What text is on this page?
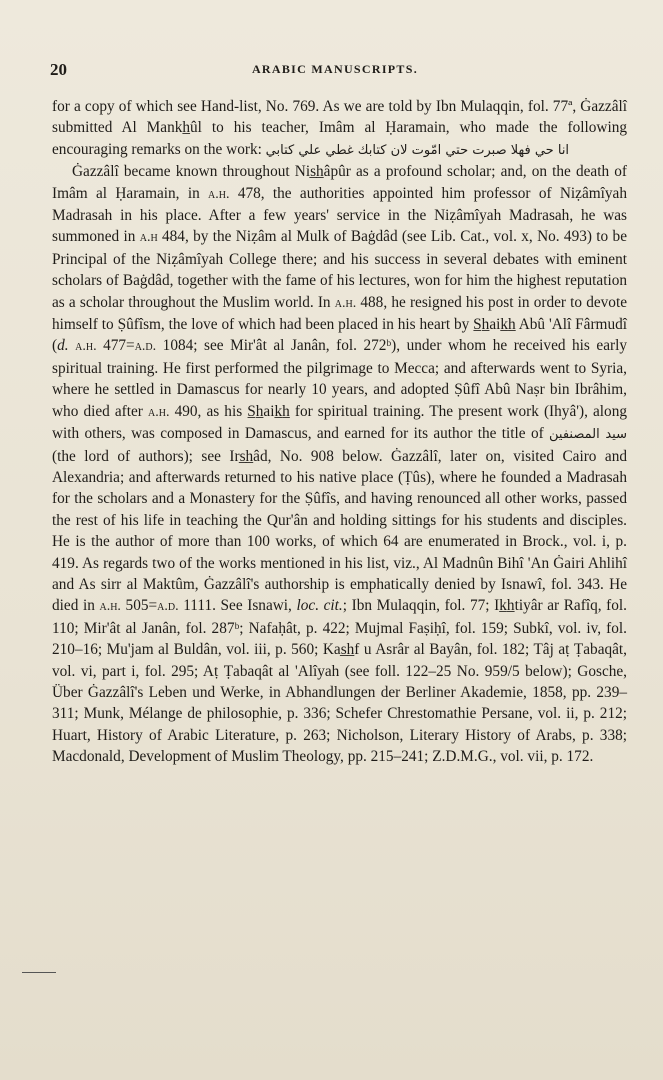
20	ARABIC MANUSCRIPTS.

for a copy of which see Hand-list, No. 769. As we are told by Ibn Mulaqqin, fol. 77ª, Ġazzâlî submitted Al Mankh̲ûl to his teacher, Imâm al Ḥaramain, who made the following encouraging remarks on the work: انا حي فهلا صبرت حتي امّوت لان كتابك غطي علي كتابي

Ġazzâlî became known throughout Nis̲h̲âpûr as a profound scholar; and, on the death of Imâm al Ḥaramain, in a.h. 478, the authorities appointed him professor of Niẓâmîyah Madrasah in his place. After a few years' service in the Niẓâmîyah Madrasah, he was summoned in a.h 484, by the Niẓâm al Mulk of Baġdâd (see Lib. Cat., vol. x, No. 493) to be Principal of the Niẓâmîyah College there; and his success in several debates with eminent scholars of Baġdâd, together with the fame of his lectures, won for him the highest reputation as a scholar throughout the Muslim world. In a.h. 488, he resigned his post in order to devote himself to Ṣûfîsm, the love of which had been placed in his heart by S̲h̲aik̲h̲ Abû 'Alî Fârmudî (d. a.h. 477=a.d. 1084; see Mir'ât al Janân, fol. 272ᵇ), under whom he received his early spiritual training. He first performed the pilgrimage to Mecca; and afterwards went to Syria, where he settled in Damascus for nearly 10 years, and adopted Ṣûfî Abû Naṣr bin Ibrâhim, who died after a.h. 490, as his S̲h̲aik̲h̲ for spiritual training. The present work (Ihyâ'), along with others, was composed in Damascus, and earned for its author the title of سيد المصنفين (the lord of authors); see Irs̲h̲âd, No. 908 below. Ġazzâlî, later on, visited Cairo and Alexandria; and afterwards returned to his native place (Ṭûs), where he founded a Madrasah for the scholars and a Monastery for the Ṣûfîs, and having renounced all other works, passed the rest of his life in teaching the Qur'ân and holding sittings for his students and disciples. He is the author of more than 100 works, of which 64 are enumerated in Brock., vol. i, p. 419. As regards two of the works mentioned in his list, viz., Al Madnûn Bihî 'An Ġairi Ahlihî and As sirr al Maktûm, Ġazzâlî's authorship is emphatically denied by Isnawî, fol. 343. He died in a.h. 505=a.d. 1111. See Isnawi, loc. cit.; Ibn Mulaqqin, fol. 77; Ik̲h̲tiyâr ar Rafîq, fol. 110; Mir'ât al Janân, fol. 287ᵇ; Nafaḥât, p. 422; Mujmal Faṣiḥî, fol. 159; Subkî, vol. iv, fol. 210–16; Mu'jam al Buldân, vol. iii, p. 560; Kas̲h̲f u Asrâr al Bayân, fol. 182; Tâj aṭ Ṭabaqât, vol. vi, part i, fol. 295; Aṭ Ṭabaqât al 'Alîyah (see foll. 122–25 No. 959/5 below); Gosche, Über Ġazzâlî's Leben und Werke, in Abhandlungen der Berliner Akademie, 1858, pp. 239–311; Munk, Mélange de philosophie, p. 336; Schefer Chrestomathie Persane, vol. ii, p. 212; Huart, History of Arabic Literature, p. 263; Nicholson, Literary History of Arabs, p. 338; Macdonald, Development of Muslim Theology, pp. 215–241; Z.D.M.G., vol. vii, p. 172.
